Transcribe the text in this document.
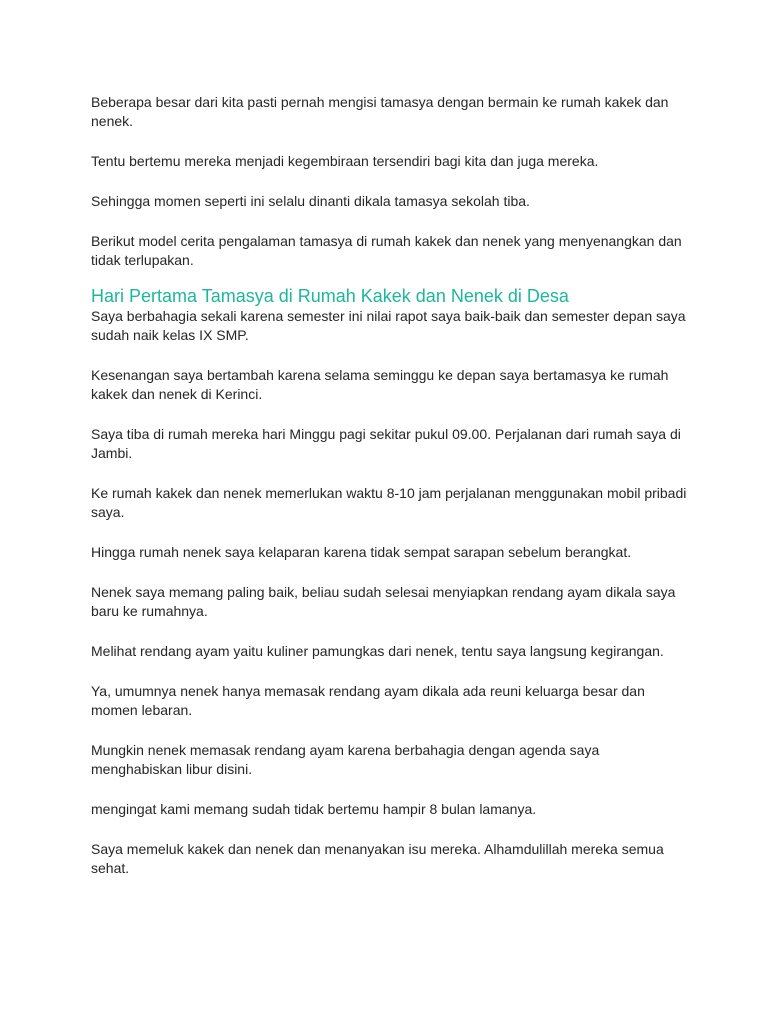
Beberapa besar dari kita pasti pernah mengisi tamasya dengan bermain ke rumah kakek dan nenek.

Tentu bertemu mereka menjadi kegembiraan tersendiri bagi kita dan juga mereka.

Sehingga momen seperti ini selalu dinanti dikala tamasya sekolah tiba.

Berikut model cerita pengalaman tamasya di rumah kakek dan nenek yang menyenangkan dan tidak terlupakan.

Hari Pertama Tamasya di Rumah Kakek dan Nenek di Desa

Saya berbahagia sekali karena semester ini nilai rapot saya baik-baik dan semester depan saya sudah naik kelas IX SMP.

Kesenangan saya bertambah karena selama seminggu ke depan saya bertamasya ke rumah kakek dan nenek di Kerinci.

Saya tiba di rumah mereka hari Minggu pagi sekitar pukul 09.00. Perjalanan dari rumah saya di Jambi.

Ke rumah kakek dan nenek memerlukan waktu 8-10 jam perjalanan menggunakan mobil pribadi saya.

Hingga rumah nenek saya kelaparan karena tidak sempat sarapan sebelum berangkat.

Nenek saya memang paling baik, beliau sudah selesai menyiapkan rendang ayam dikala saya baru ke rumahnya.

Melihat rendang ayam yaitu kuliner pamungkas dari nenek, tentu saya langsung kegirangan.

Ya, umumnya nenek hanya memasak rendang ayam dikala ada reuni keluarga besar dan momen lebaran.

Mungkin nenek memasak rendang ayam karena berbahagia dengan agenda saya menghabiskan libur disini.

mengingat kami memang sudah tidak bertemu hampir 8 bulan lamanya.

Saya memeluk kakek dan nenek dan menanyakan isu mereka. Alhamdulillah mereka semua sehat.
